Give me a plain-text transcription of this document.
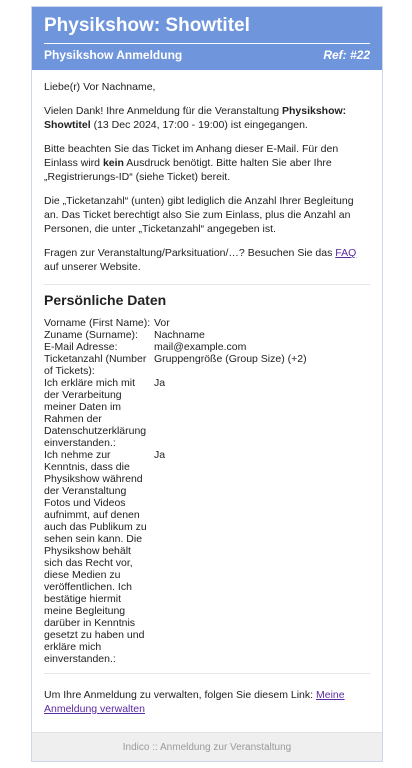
Physikshow: Showtitel
Physikshow Anmeldung	Ref: #22

Liebe(r) Vor Nachname,

Vielen Dank! Ihre Anmeldung für die Veranstaltung Physikshow: Showtitel (13 Dec 2024, 17:00 - 19:00) ist eingegangen.

Bitte beachten Sie das Ticket im Anhang dieser E-Mail. Für den Einlass wird kein Ausdruck benötigt. Bitte halten Sie aber Ihre „Registrierungs-ID“ (siehe Ticket) bereit.

Die „Ticketanzahl“ (unten) gibt lediglich die Anzahl Ihrer Begleitung an. Das Ticket berechtigt also Sie zum Einlass, plus die Anzahl an Personen, die unter „Ticketanzahl“ angegeben ist.

Fragen zur Veranstaltung/Parksituation/…? Besuchen Sie das FAQ auf unserer Website.

Persönliche Daten
Vorname (First Name):	Vor
Zuname (Surname):	Nachname
E-Mail Adresse:	mail@example.com
Ticketanzahl (Number of Tickets):	Gruppengröße (Group Size) (+2)
Ich erkläre mich mit der Verarbeitung meiner Daten im Rahmen der Datenschutzerklärung einverstanden.:	Ja
Ich nehme zur Kenntnis, dass die Physikshow während der Veranstaltung Fotos und Videos aufnimmt, auf denen auch das Publikum zu sehen sein kann. Die Physikshow behält sich das Recht vor, diese Medien zu veröffentlichen. Ich bestätige hiermit meine Begleitung darüber in Kenntnis gesetzt zu haben und erkläre mich einverstanden.:	Ja
Um Ihre Anmeldung zu verwalten, folgen Sie diesem Link: Meine Anmeldung verwalten
Indico :: Anmeldung zur Veranstaltung
